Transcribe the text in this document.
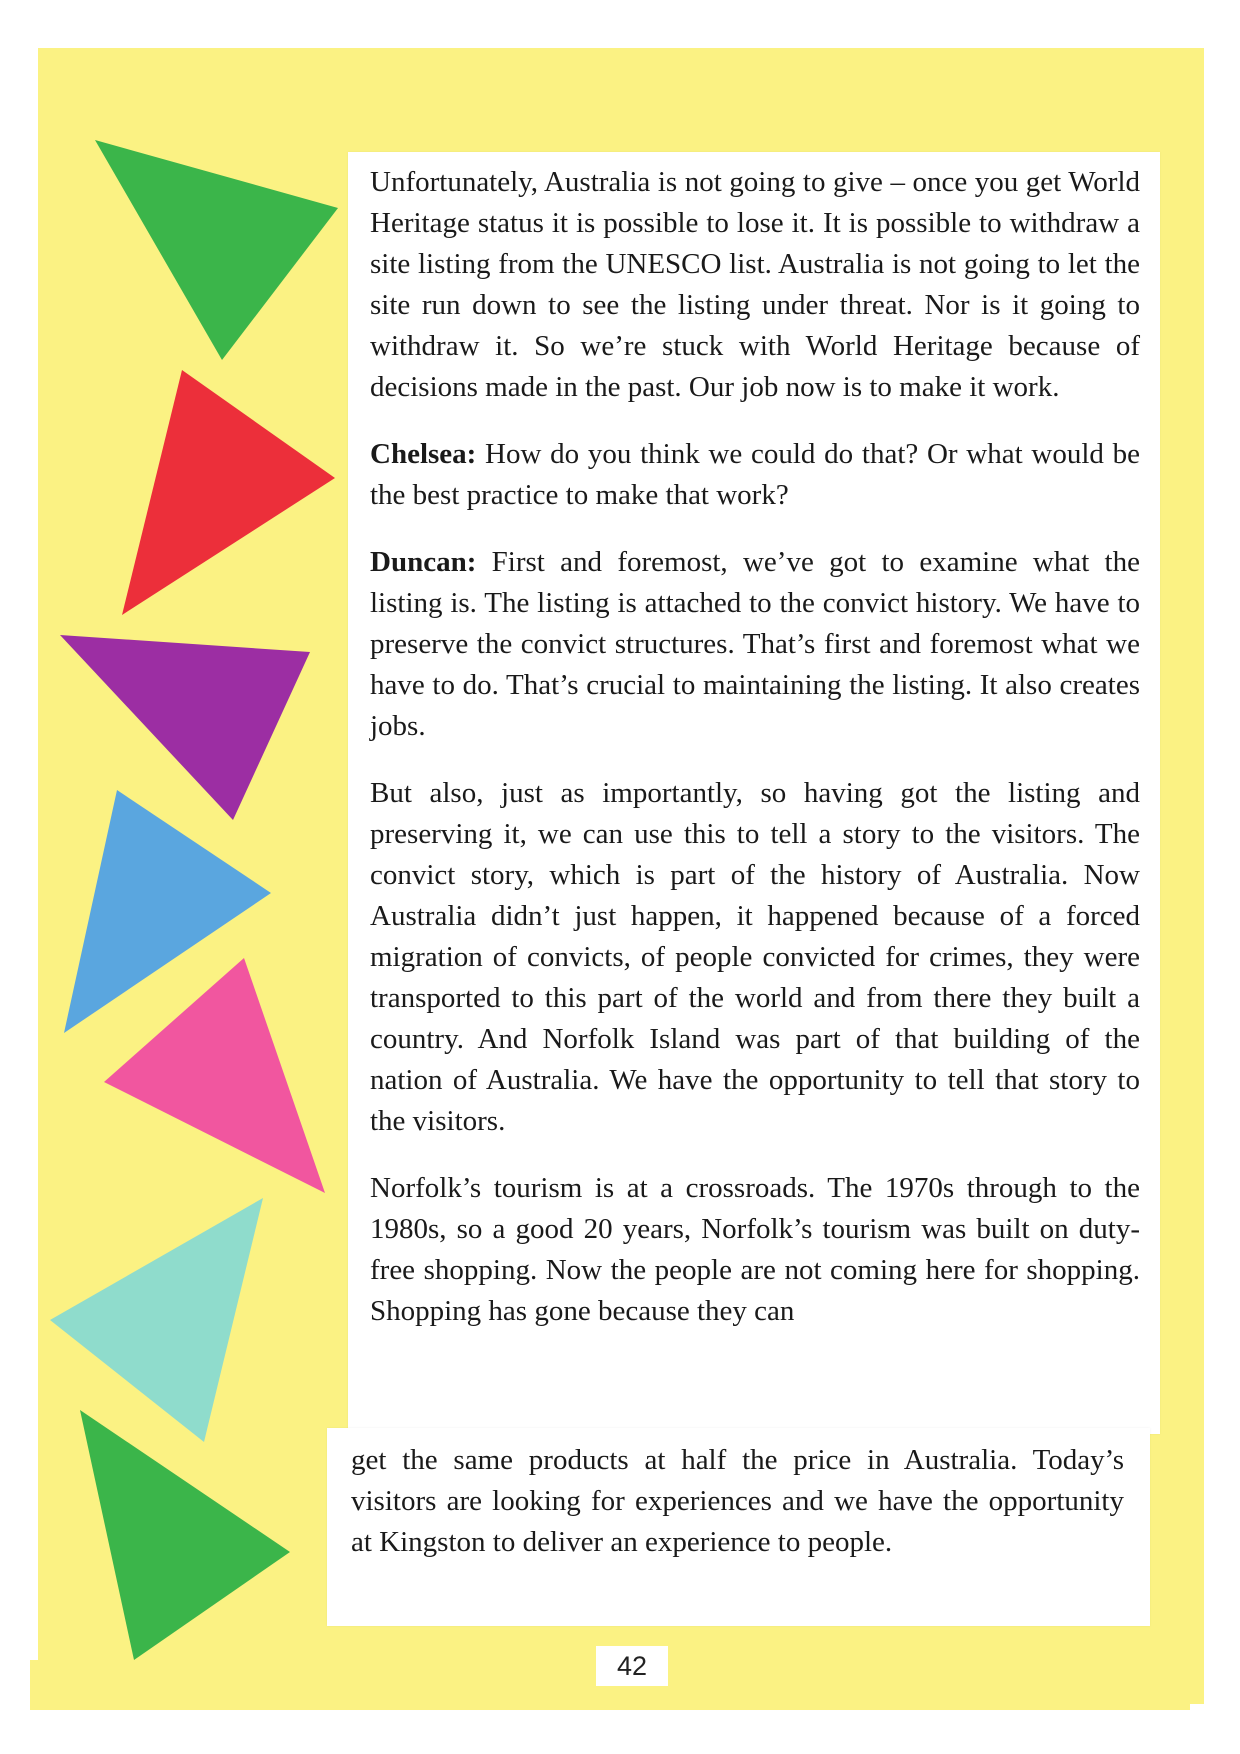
Unfortunately, Australia is not going to give – once you get World Heritage status it is possible to lose it. It is possible to withdraw a site listing from the UNESCO list. Australia is not going to let the site run down to see the listing under threat. Nor is it going to withdraw it. So we’re stuck with World Heritage because of decisions made in the past. Our job now is to make it work.

Chelsea: How do you think we could do that? Or what would be the best practice to make that work?

Duncan: First and foremost, we’ve got to examine what the listing is. The listing is attached to the convict history. We have to preserve the convict structures. That’s first and foremost what we have to do. That’s crucial to maintaining the listing. It also creates jobs.

But also, just as importantly, so having got the listing and preserving it, we can use this to tell a story to the visitors. The convict story, which is part of the history of Australia. Now Australia didn’t just happen, it happened because of a forced migration of convicts, of people convicted for crimes, they were transported to this part of the world and from there they built a country. And Norfolk Island was part of that building of the nation of Australia. We have the opportunity to tell that story to the visitors.

Norfolk’s tourism is at a crossroads. The 1970s through to the 1980s, so a good 20 years, Norfolk’s tourism was built on duty-free shopping. Now the people are not coming here for shopping. Shopping has gone because they can

get the same products at half the price in Australia. Today’s visitors are looking for experiences and we have the opportunity at Kingston to deliver an experience to people.

42
